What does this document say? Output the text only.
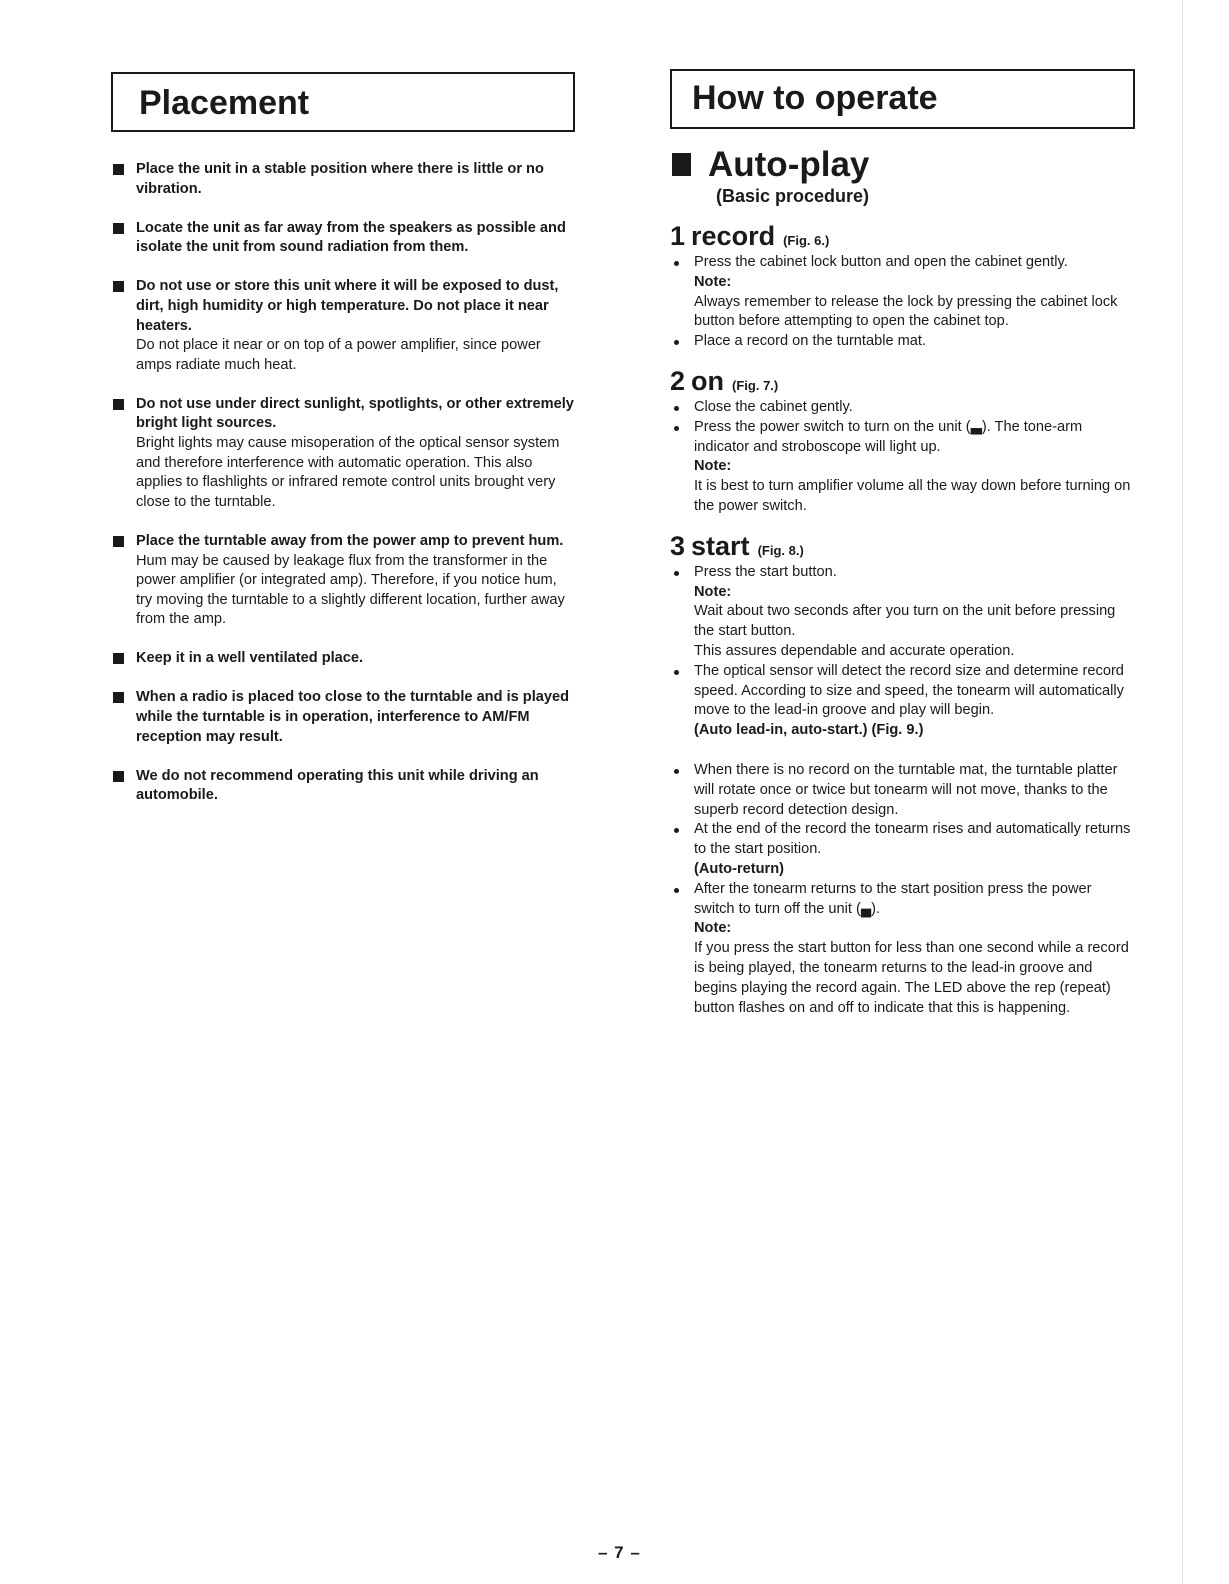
Placement
Place the unit in a stable position where there is little or no vibration.
Locate the unit as far away from the speakers as possible and isolate the unit from sound radiation from them.
Do not use or store this unit where it will be exposed to dust, dirt, high humidity or high temperature. Do not place it near heaters.
Do not place it near or on top of a power amplifier, since power amps radiate much heat.
Do not use under direct sunlight, spotlights, or other extremely bright light sources.
Bright lights may cause misoperation of the optical sensor system and therefore interference with automatic operation. This also applies to flashlights or infrared remote control units brought very close to the turntable.
Place the turntable away from the power amp to prevent hum.
Hum may be caused by leakage flux from the transformer in the power amplifier (or integrated amp). Therefore, if you notice hum, try moving the turntable to a slightly different location, further away from the amp.
Keep it in a well ventilated place.
When a radio is placed too close to the turntable and is played while the turntable is in operation, interference to AM/FM reception may result.
We do not recommend operating this unit while driving an automobile.
How to operate
Auto-play
(Basic procedure)
1 record (Fig. 6.)
Press the cabinet lock button and open the cabinet gently.
Note:
Always remember to release the lock by pressing the cabinet lock button before attempting to open the cabinet top.
Place a record on the turntable mat.
2 on (Fig. 7.)
Close the cabinet gently.
Press the power switch to turn on the unit (▃). The tone-arm indicator and stroboscope will light up.
Note:
It is best to turn amplifier volume all the way down before turning on the power switch.
3 start (Fig. 8.)
Press the start button.
Note:
Wait about two seconds after you turn on the unit before pressing the start button.
This assures dependable and accurate operation.
The optical sensor will detect the record size and determine record speed. According to size and speed, the tonearm will automatically move to the lead-in groove and play will begin.
(Auto lead-in, auto-start.) (Fig. 9.)
When there is no record on the turntable mat, the turntable platter will rotate once or twice but tonearm will not move, thanks to the superb record detection design.
At the end of the record the tonearm rises and automatically returns to the start position.
(Auto-return)
After the tonearm returns to the start position press the power switch to turn off the unit (▄).
Note:
If you press the start button for less than one second while a record is being played, the tonearm returns to the lead-in groove and begins playing the record again. The LED above the rep (repeat) button flashes on and off to indicate that this is happening.
– 7 –
